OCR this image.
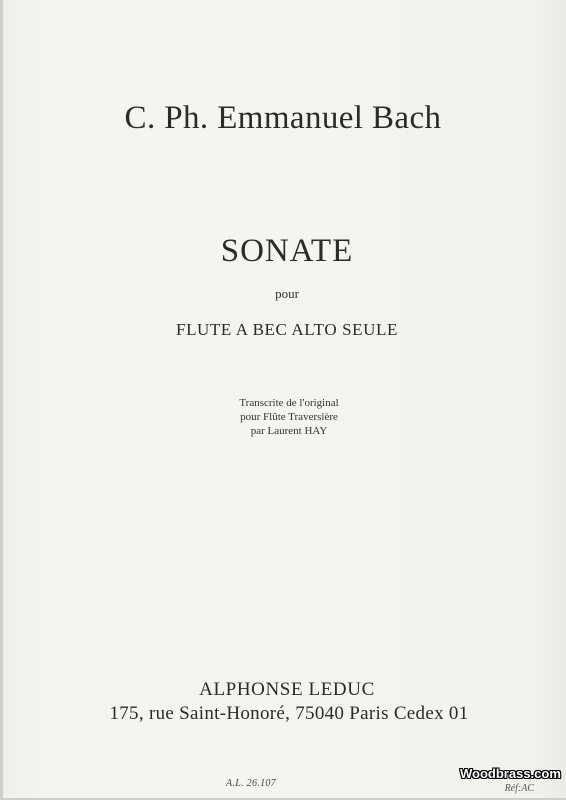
C. Ph. Emmanuel Bach
SONATE
pour
FLUTE A BEC ALTO SEULE
Transcrite de l'original
pour Flûte Traversière
par Laurent HAY
ALPHONSE LEDUC
175, rue Saint-Honoré, 75040 Paris Cedex 01
A.L. 26.107
Woodbrass.com
Réf:AC
